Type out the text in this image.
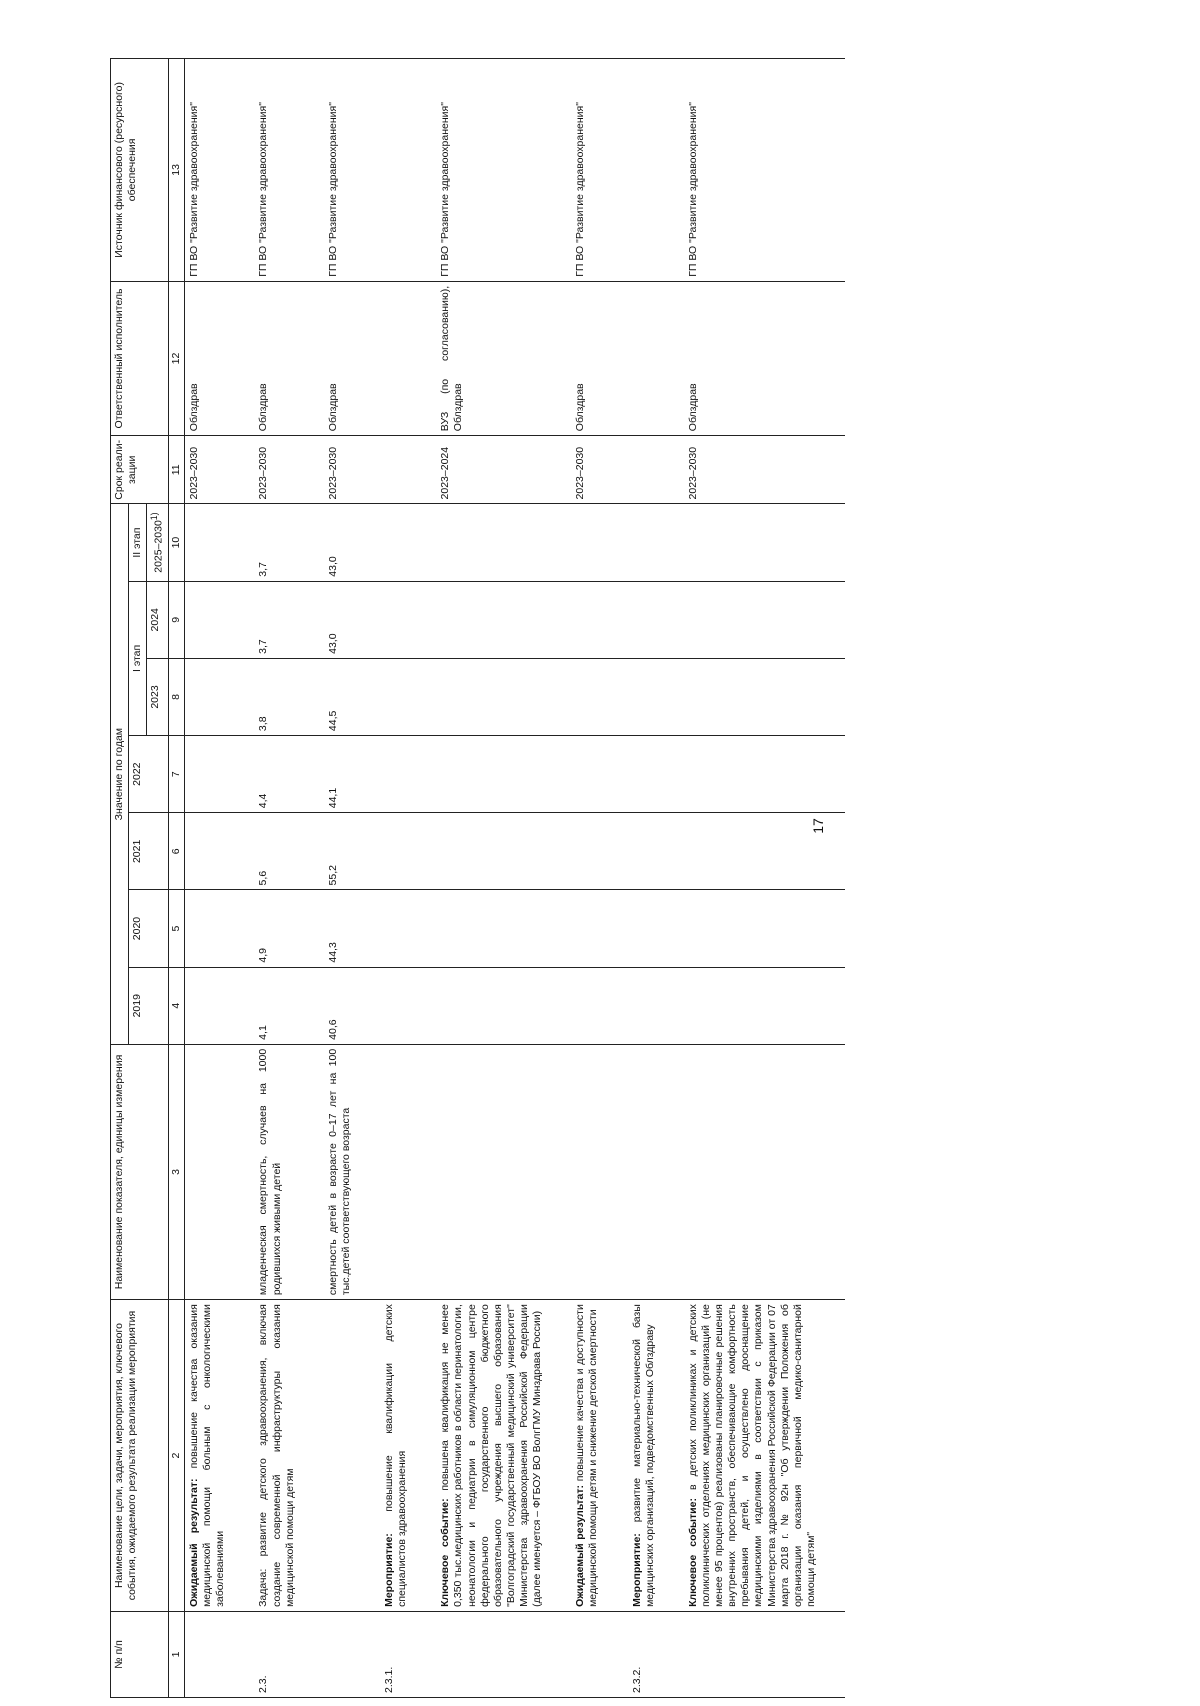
17
№ п/п	Наименование цели, задачи, мероприятия, ключевого события, ожидаемого результата реализации мероприятия	Наименование показателя, единицы измерения	Значение по годам							Срок реали-зации	Ответственный исполнитель	Источник финансового (ресурсного) обеспечения
			2019	2020	2021	2022	I этап		II этап			
							2023	2024	2025–2030$^{1)}$
1	2	3	4	5	6	7	8	9	10	11	12	13
	Ожидаемый результат: повышение качества оказания медицинской помощи больным с онкологическими заболеваниями									2023–2030	Облздрав	ГП ВО "Развитие здравоохранения"

2.3.	Задача: развитие детского здравоохранения, включая создание современной инфраструктуры оказания медицинской помощи детям	младенческая смертность, случаев на 1000 родившихся живыми детей	4,1	4,9	5,6	4,4	3,8	3,7	3,7	2023–2030	Облздрав	ГП ВО "Развитие здравоохранения"

		смертность детей в возрасте 0–17 лет на 100 тыс.детей соответствующего возраста	40,6	44,3	55,2	44,1	44,5	43,0	43,0	2023–2030	Облздрав	ГП ВО "Развитие здравоохранения"

2.3.1.	Мероприятие: повышение квалификации детских специалистов здравоохранения											

	Ключевое событие: повышена квалификация не менее 0,350 тыс.медицинских работников в области перинатологии, неонатологии и педиатрии в симуляционном центре федерального государственного бюджетного образовательного учреждения высшего образования "Волгоградский государственный медицинский университет" Министерства здравоохранения Российской Федерации (далее именуется – ФГБОУ ВО ВолгГМУ Минздрава России)									2023–2024	ВУЗ (по согласованию), Облздрав	ГП ВО "Развитие здравоохранения"

	Ожидаемый результат: повышение качества и доступности медицинской помощи детям и снижение детской смертности									2023–2030	Облздрав	ГП ВО "Развитие здравоохранения"

2.3.2.	Мероприятие: развитие материально-технической базы медицинских организаций, подведомственных Облздраву											

	Ключевое событие: в детских поликлиниках и детских поликлинических отделениях медицинских организаций (не менее 95 процентов) реализованы планировочные решения внутренних пространств, обеспечивающие комфортность пребывания детей, и осуществлено дооснащение медицинскими изделиями в соответствии с приказом Министерства здравоохранения Российской Федерации от 07 марта 2018 г. № 92н "Об утверждении Положения об организации оказания первичной медико-санитарной помощи детям"									2023–2030	Облздрав	ГП ВО "Развитие здравоохранения"
